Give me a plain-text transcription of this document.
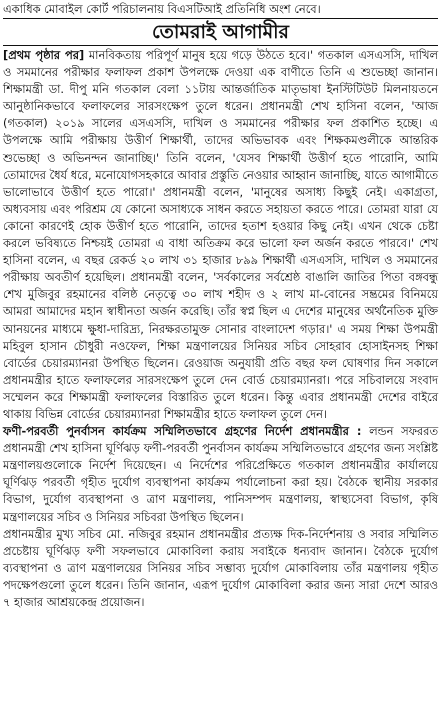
একাধিক মোবাইল কোর্ট পরিচালনায় বিএসটিআই প্রতিনিধি অংশ নেবে।
তোমরাই আগামীর

[প্রথম পৃষ্ঠার পর] মানবিকতায় পরিপূর্ণ মানুষ হয়ে গড়ে উঠতে হবে।' গতকাল এসএসসি, দাখিল ও সমমানের পরীক্ষার ফলাফল প্রকাশ উপলক্ষে দেওয়া এক বাণীতে তিনি এ শুভেচ্ছা জানান। শিক্ষামন্ত্রী ডা. দীপু মনি গতকাল বেলা ১১টায় আন্তর্জাতিক মাতৃভাষা ইনস্টিটিউট মিলনায়তনে আনুষ্ঠানিকভাবে ফলাফলের সারসংক্ষেপ তুলে ধরেন। প্রধানমন্ত্রী শেখ হাসিনা বলেন, 'আজ (গতকাল) ২০১৯ সালের এসএসসি, দাখিল ও সমমানের পরীক্ষার ফল প্রকাশিত হচ্ছে। এ উপলক্ষে আমি পরীক্ষায় উত্তীর্ণ শিক্ষার্থী, তাদের অভিভাবক এবং শিক্ষকমণ্ডলীকে আন্তরিক শুভেচ্ছা ও অভিনন্দন জানাচ্ছি।' তিনি বলেন, 'যেসব শিক্ষার্থী উত্তীর্ণ হতে পারোনি, আমি তোমাদের ধৈর্য ধরে, মনোযোগসহকারে আবার প্রস্তুতি নেওয়ার আহ্বান জানাচ্ছি, যাতে আগামীতে ভালোভাবে উত্তীর্ণ হতে পারো।' প্রধানমন্ত্রী বলেন, 'মানুষের অসাধ্য কিছুই নেই। একাগ্রতা, অধ্যবসায় এবং পরিশ্রম যে কোনো অসাধ্যকে সাধন করতে সহায়তা করতে পারে। তোমরা যারা যে কোনো কারণেই হোক উত্তীর্ণ হতে পারোনি, তাদের হতাশ হওয়ার কিছু নেই। এখন থেকে চেষ্টা করলে ভবিষ্যতে নিশ্চয়ই তোমরা এ বাধা অতিক্রম করে ভালো ফল অর্জন করতে পারবে।' শেখ হাসিনা বলেন, এ বছর রেকর্ড ২০ লাখ ৩১ হাজার ৮৯৯ শিক্ষার্থী এসএসসি, দাখিল ও সমমানের পরীক্ষায় অবতীর্ণ হয়েছিল। প্রধানমন্ত্রী বলেন, 'সর্বকালের সর্বশ্রেষ্ঠ বাঙালি জাতির পিতা বঙ্গবন্ধু শেখ মুজিবুর রহমানের বলিষ্ঠ নেতৃত্বে ৩০ লাখ শহীদ ও ২ লাখ মা-বোনের সম্ভ্রমের বিনিময়ে আমরা আমাদের মহান স্বাধীনতা অর্জন করেছি। তাঁর স্বপ্ন ছিল এ দেশের মানুষের অর্থনৈতিক মুক্তি আনয়নের মাধ্যমে ক্ষুধা-দারিদ্র্য, নিরক্ষরতামুক্ত সোনার বাংলাদেশ গড়ার।' এ সময় শিক্ষা উপমন্ত্রী মহিবুল হাসান চৌধুরী নওফেল, শিক্ষা মন্ত্রণালয়ের সিনিয়র সচিব সোহরাব হোসাইনসহ শিক্ষা বোর্ডের চেয়ারম্যানরা উপস্থিত ছিলেন। রেওয়াজ অনুযায়ী প্রতি বছর ফল ঘোষণার দিন সকালে প্রধানমন্ত্রীর হাতে ফলাফলের সারসংক্ষেপ তুলে দেন বোর্ড চেয়ারম্যানরা। পরে সচিবালয়ে সংবাদ সম্মেলন করে শিক্ষামন্ত্রী ফলাফলের বিস্তারিত তুলে ধরেন। কিন্তু এবার প্রধানমন্ত্রী দেশের বাইরে থাকায় বিভিন্ন বোর্ডের চেয়ারম্যানরা শিক্ষামন্ত্রীর হাতে ফলাফল তুলে দেন।

ফণী-পরবর্তী পুনর্বাসন কার্যক্রম সম্মিলিতভাবে গ্রহণের নির্দেশ প্রধানমন্ত্রীর : লন্ডন সফররত প্রধানমন্ত্রী শেখ হাসিনা ঘূর্ণিঝড় ফণী-পরবর্তী পুনর্বাসন কার্যক্রম সম্মিলিতভাবে গ্রহণের জন্য সংশ্লিষ্ট মন্ত্রণালয়গুলোকে নির্দেশ দিয়েছেন। এ নির্দেশের পরিপ্রেক্ষিতে গতকাল প্রধানমন্ত্রীর কার্যালয়ে ঘূর্ণিঝড় পরবর্তী গৃহীত দুর্যোগ ব্যবস্থাপনা কার্যক্রম পর্যালোচনা করা হয়। বৈঠকে স্থানীয় সরকার বিভাগ, দুর্যোগ ব্যবস্থাপনা ও ত্রাণ মন্ত্রণালয়, পানিসম্পদ মন্ত্রণালয়, স্বাস্থ্যসেবা বিভাগ, কৃষি মন্ত্রণালয়ের সচিব ও সিনিয়র সচিবরা উপস্থিত ছিলেন।

প্রধানমন্ত্রীর মুখ্য সচিব মো. নজিবুর রহমান প্রধানমন্ত্রীর প্রত্যক্ষ দিক-নির্দেশনায় ও সবার সম্মিলিত প্রচেষ্টায় ঘূর্ণিঝড় ফণী সফলভাবে মোকাবিলা করায় সবাইকে ধন্যবাদ জানান। বৈঠকে দুর্যোগ ব্যবস্থাপনা ও ত্রাণ মন্ত্রণালয়ের সিনিয়র সচিব সম্ভাব্য দুর্যোগ মোকাবিলায় তাঁর মন্ত্রণালয় গৃহীত পদক্ষেপগুলো তুলে ধরেন। তিনি জানান, এরূপ দুর্যোগ মোকাবিলা করার জন্য সারা দেশে আরও ৭ হাজার আশ্রয়কেন্দ্র প্রয়োজন।
